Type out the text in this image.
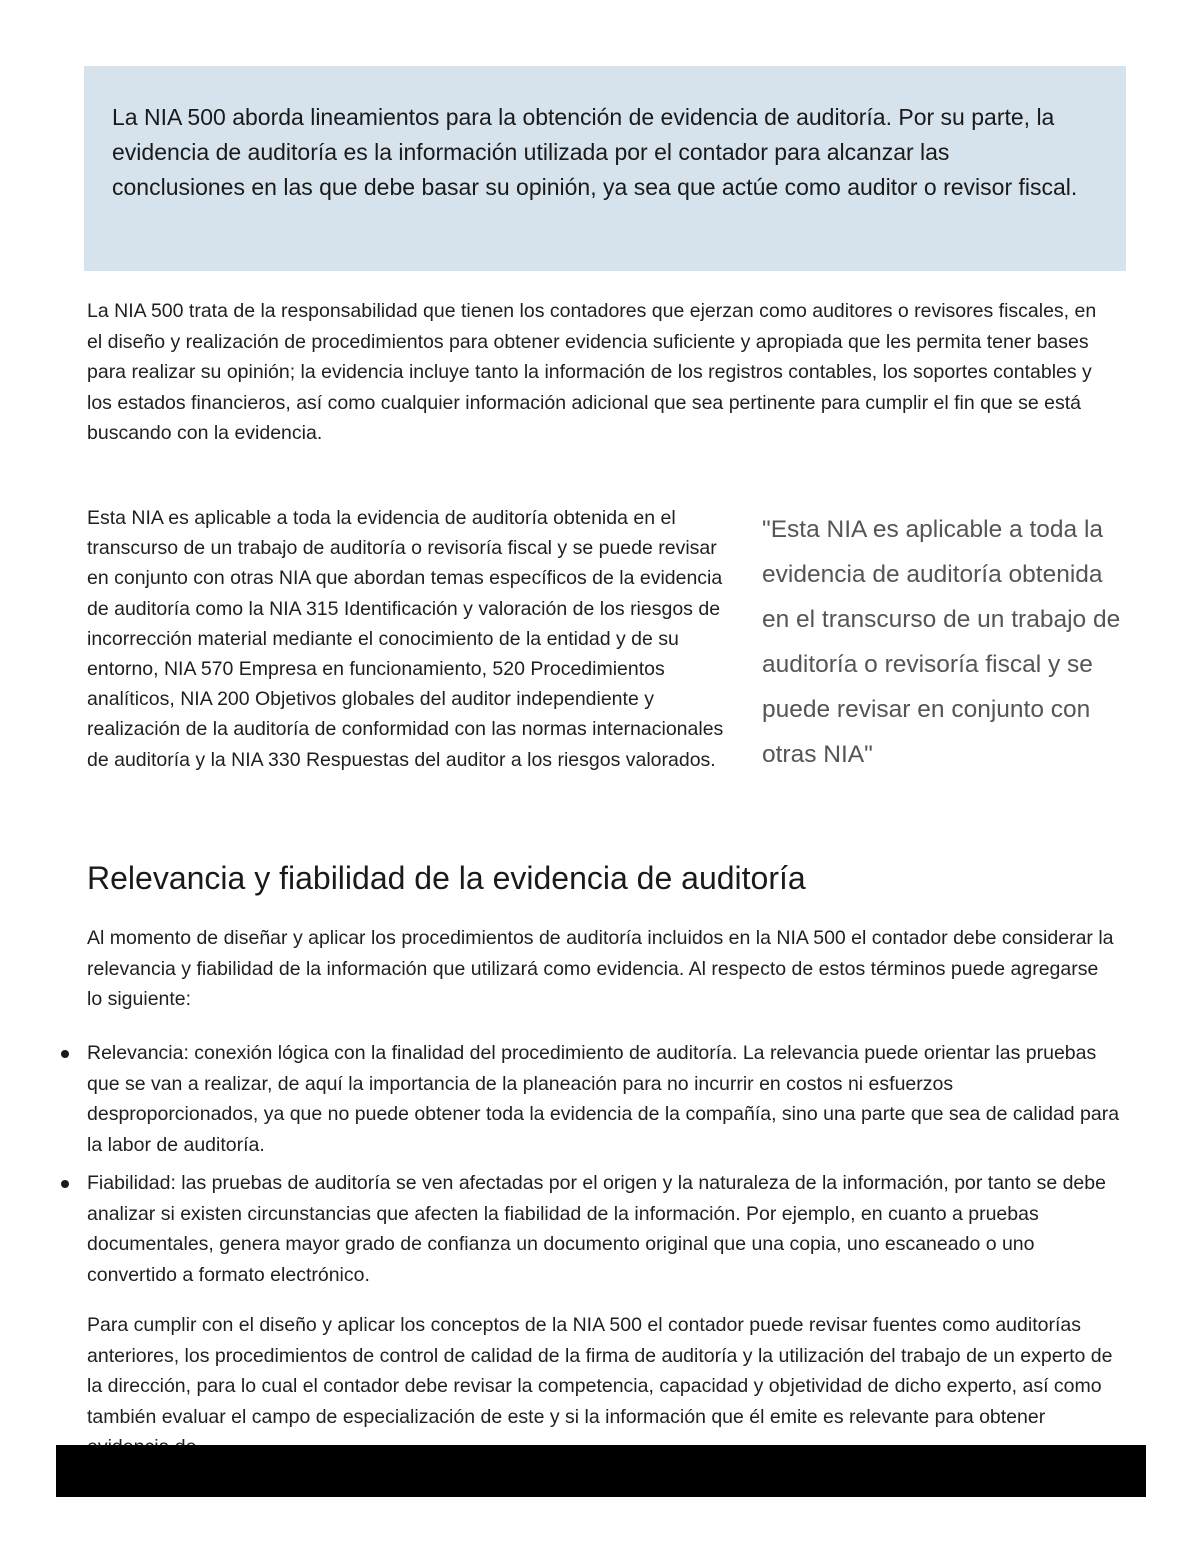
La NIA 500 aborda lineamientos para la obtención de evidencia de auditoría. Por su parte, la evidencia de auditoría es la información utilizada por el contador para alcanzar las conclusiones en las que debe basar su opinión, ya sea que actúe como auditor o revisor fiscal.

La NIA 500 trata de la responsabilidad que tienen los contadores que ejerzan como auditores o revisores fiscales, en el diseño y realización de procedimientos para obtener evidencia suficiente y apropiada que les permita tener bases para realizar su opinión; la evidencia incluye tanto la información de los registros contables, los soportes contables y los estados financieros, así como cualquier información adicional que sea pertinente para cumplir el fin que se está buscando con la evidencia.

Esta NIA es aplicable a toda la evidencia de auditoría obtenida en el transcurso de un trabajo de auditoría o revisoría fiscal y se puede revisar en conjunto con otras NIA que abordan temas específicos de la evidencia de auditoría como la NIA 315 Identificación y valoración de los riesgos de incorrección material mediante el conocimiento de la entidad y de su entorno, NIA 570 Empresa en funcionamiento, 520 Procedimientos analíticos, NIA 200 Objetivos globales del auditor independiente y realización de la auditoría de conformidad con las normas internacionales de auditoría y la NIA 330 Respuestas del auditor a los riesgos valorados.

"Esta NIA es aplicable a toda la evidencia de auditoría obtenida en el transcurso de un trabajo de auditoría o revisoría fiscal y se puede revisar en conjunto con otras NIA"

Relevancia y fiabilidad de la evidencia de auditoría

Al momento de diseñar y aplicar los procedimientos de auditoría incluidos en la NIA 500 el contador debe considerar la relevancia y fiabilidad de la información que utilizará como evidencia. Al respecto de estos términos puede agregarse lo siguiente:

Relevancia: conexión lógica con la finalidad del procedimiento de auditoría. La relevancia puede orientar las pruebas que se van a realizar, de aquí la importancia de la planeación para no incurrir en costos ni esfuerzos desproporcionados, ya que no puede obtener toda la evidencia de la compañía, sino una parte que sea de calidad para la labor de auditoría.
Fiabilidad: las pruebas de auditoría se ven afectadas por el origen y la naturaleza de la información, por tanto se debe analizar si existen circunstancias que afecten la fiabilidad de la información. Por ejemplo, en cuanto a pruebas documentales, genera mayor grado de confianza un documento original que una copia, uno escaneado o uno convertido a formato electrónico.

Para cumplir con el diseño y aplicar los conceptos de la NIA 500 el contador puede revisar fuentes como auditorías anteriores, los procedimientos de control de calidad de la firma de auditoría y la utilización del trabajo de un experto de la dirección, para lo cual el contador debe revisar la competencia, capacidad y objetividad de dicho experto, así como también evaluar el campo de especialización de este y si la información que él emite es relevante para obtener
